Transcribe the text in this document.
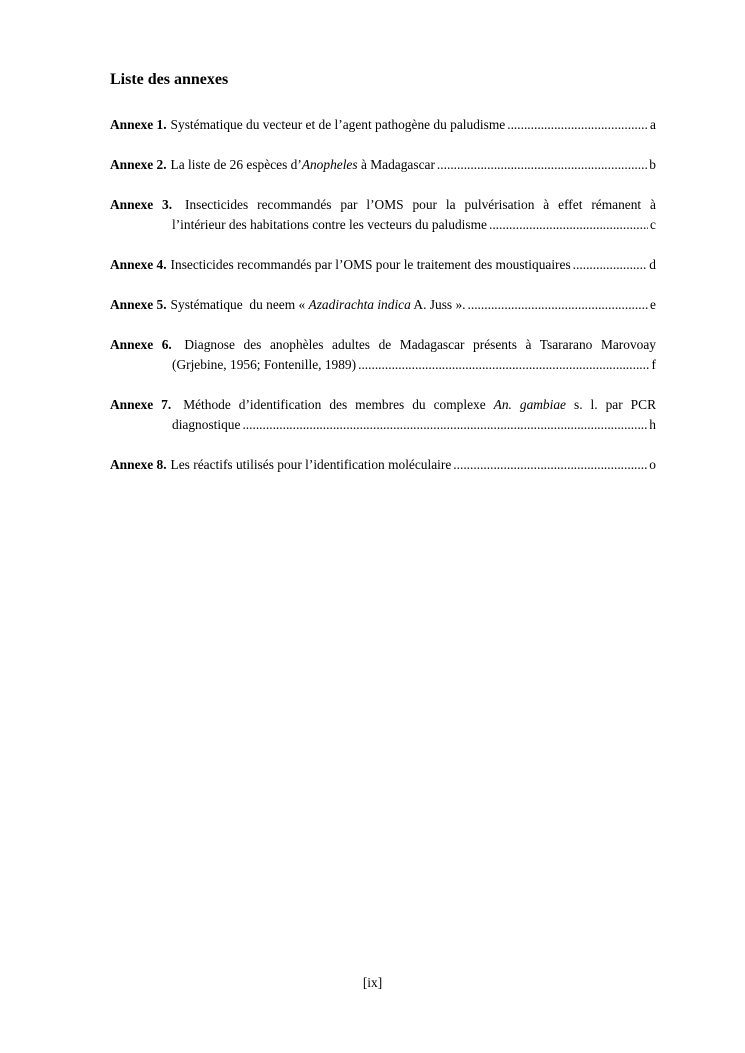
Liste des annexes
Annexe 1. Systématique du vecteur et de l’agent pathogène du paludisme .....	a
Annexe 2. La liste de 26 espèces d’Anopheles à Madagascar .....	b
Annexe 3. Insecticides recommandés par l’OMS pour la pulvérisation à effet rémanent à
l’intérieur des habitations contre les vecteurs du paludisme .....	c
Annexe 4. Insecticides recommandés par l’OMS pour le traitement des moustiquaires .....	d
Annexe 5. Systématique  du neem « Azadirachta indica A. Juss ». .....	e
Annexe 6. Diagnose des anophèles adultes de Madagascar présents à Tsararano Marovoay
(Grjebine, 1956; Fontenille, 1989) .....	f
Annexe 7. Méthode d’identification des membres du complexe An. gambiae s. l. par PCR
diagnostique .....	h
Annexe 8. Les réactifs utilisés pour l’identification moléculaire .....	o
[ix]
